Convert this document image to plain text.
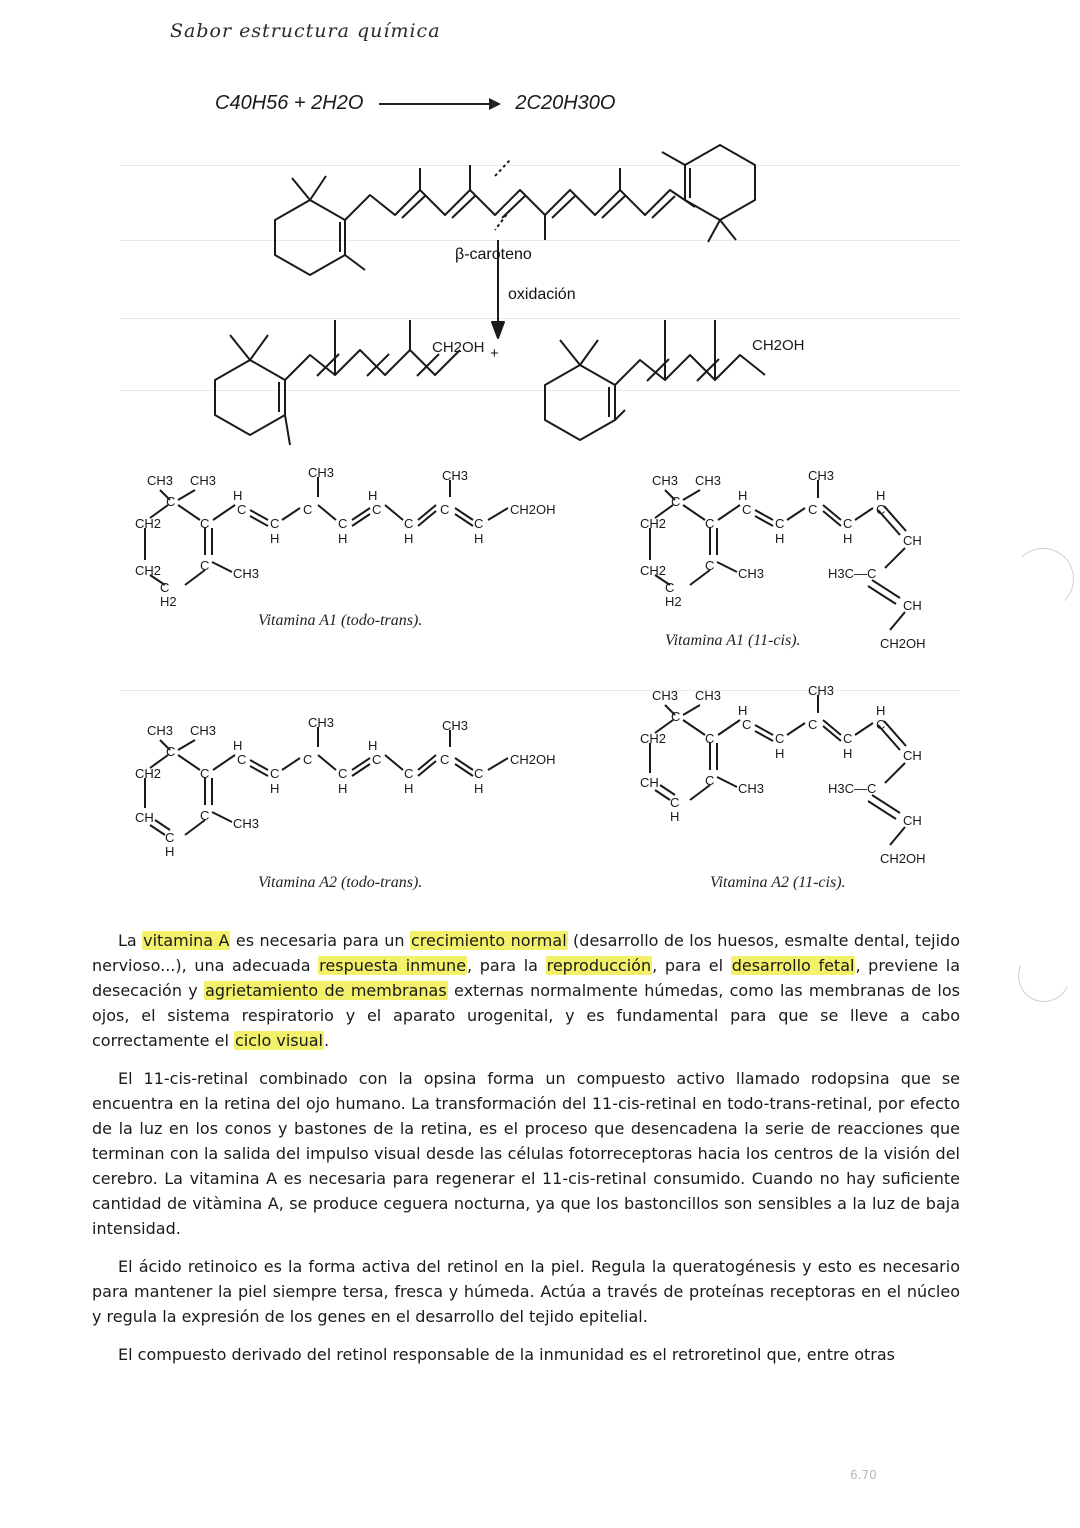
Sabor estructura química
C40H56 + 2H2O	2C20H30O
CH2OH +	CH2OH
CH3 CH3
C
CH2	C
CH2	C
C
H2
CH3
H
C
C
H
C
CH3
C
H
H
C
C
H
C
CH3
C
H
CH2OH
CH3 CH3
C
CH2	C
CH2	C
C
H2
CH3
H
C
C
H
C
CH3
C
H
H
C
CH
H3C—C
CH
CH2OH
CH3 CH3
C
CH2	C
CH	C
C
H
CH3
H
C
C
H
C
CH3
C
H
H
C
C
H
C
CH3
C
H
CH2OH
CH3 CH3
C
CH2	C
CH	C
C
H
CH3
H
C
C
H
C
CH3
C
H
H
C
CH
H3C—C
CH
CH2OH
β-caroteno
oxidación
Vitamina A1 (todo-trans).
Vitamina A1 (11-cis).
Vitamina A2 (todo-trans).	Vitamina A2 (11-cis).

La vitamina A es necesaria para un crecimiento normal (desarrollo de los huesos, esmalte dental, tejido nervioso...), una adecuada respuesta inmune, para la reproducción, para el desarrollo fetal, previene la desecación y agrietamiento de membranas externas normalmente húmedas, como las membranas de los ojos, el sistema respiratorio y el aparato urogenital, y es fundamental para que se lleve a cabo correctamente el ciclo visual.

El 11-cis-retinal combinado con la opsina forma un compuesto activo llamado rodopsina que se encuentra en la retina del ojo humano. La transformación del 11-cis-retinal en todo-trans-retinal, por efecto de la luz en los conos y bastones de la retina, es el proceso que desencadena la serie de reacciones que terminan con la salida del impulso visual desde las células fotorreceptoras hacia los centros de la visión del cerebro. La vitamina A es necesaria para regenerar el 11-cis-retinal consumido. Cuando no hay suficiente cantidad de vitàmina A, se produce ceguera nocturna, ya que los bastoncillos son sensibles a la luz de baja intensidad.

El ácido retinoico es la forma activa del retinol en la piel. Regula la queratogénesis y esto es necesario para mantener la piel siempre tersa, fresca y húmeda. Actúa a través de proteínas receptoras en el núcleo y regula la expresión de los genes en el desarrollo del tejido epitelial.

El compuesto derivado del retinol responsable de la inmunidad es el retroretinol que, entre otras

6.70
